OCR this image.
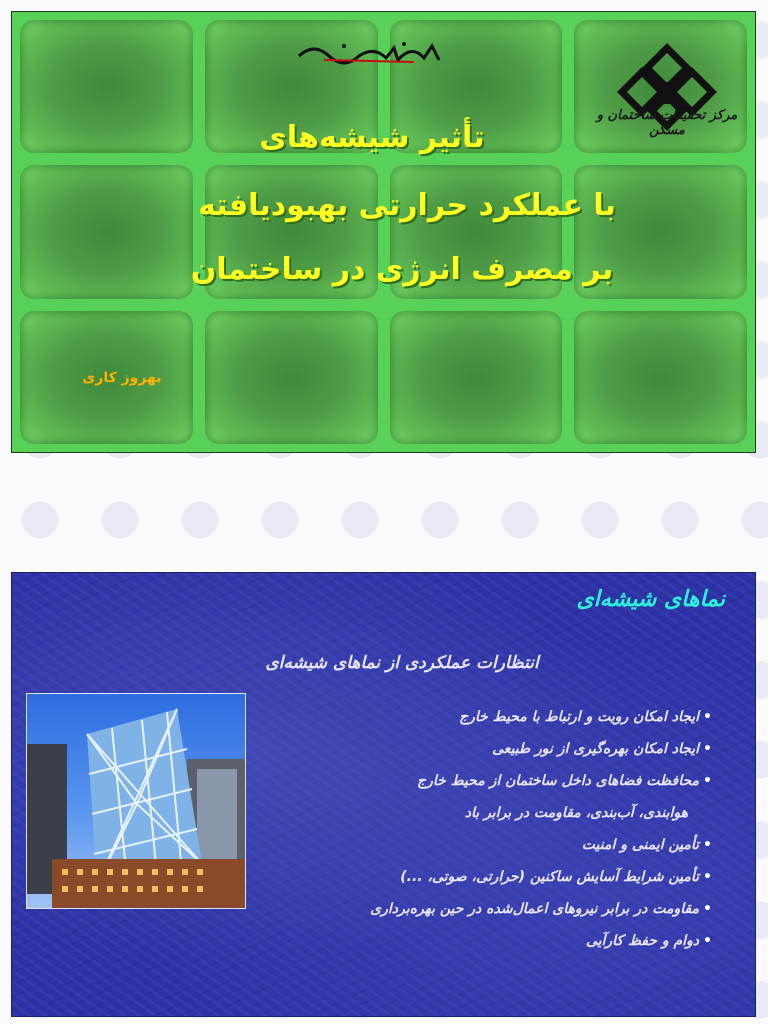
مرکز تحقیقات ساختمان و مسکن
تأثیر شیشه‌های
با عملکرد حرارتی بهبودیافته
بر مصرف انرژی در ساختمان
بهروز کاری
نماهای شیشه‌ای
انتظارات عملکردی از نماهای شیشه‌ای
•ایجاد امکان رویت و ارتباط با محیط خارج
•ایجاد امکان بهره‌گیری از نور طبیعی
•محافظت فضاهای داخل ساختمان از محیط خارج
هوابندی، آب‌بندی، مقاومت در برابر باد
•تأمین ایمنی و امنیت
•تأمین شرایط آسایش ساکنین (حرارتی، صوتی، ...)
•مقاومت در برابر نیروهای اعمال‌شده در حین بهره‌برداری
•دوام و حفظ کارآیی
